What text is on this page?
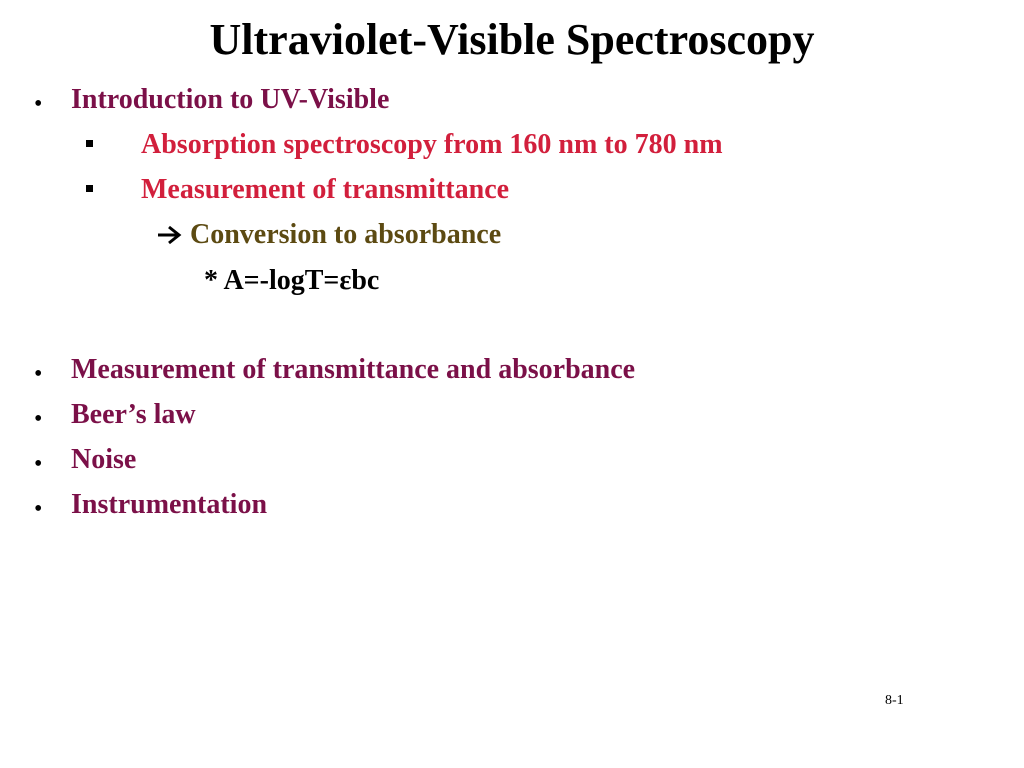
Ultraviolet-Visible Spectroscopy
• Introduction to UV-Visible
Absorption spectroscopy from 160 nm to 780 nm
Measurement of transmittance
Conversion to absorbance
* A=-logT=εbc
• Measurement of transmittance and absorbance
• Beer’s law
• Noise
• Instrumentation
8-1
